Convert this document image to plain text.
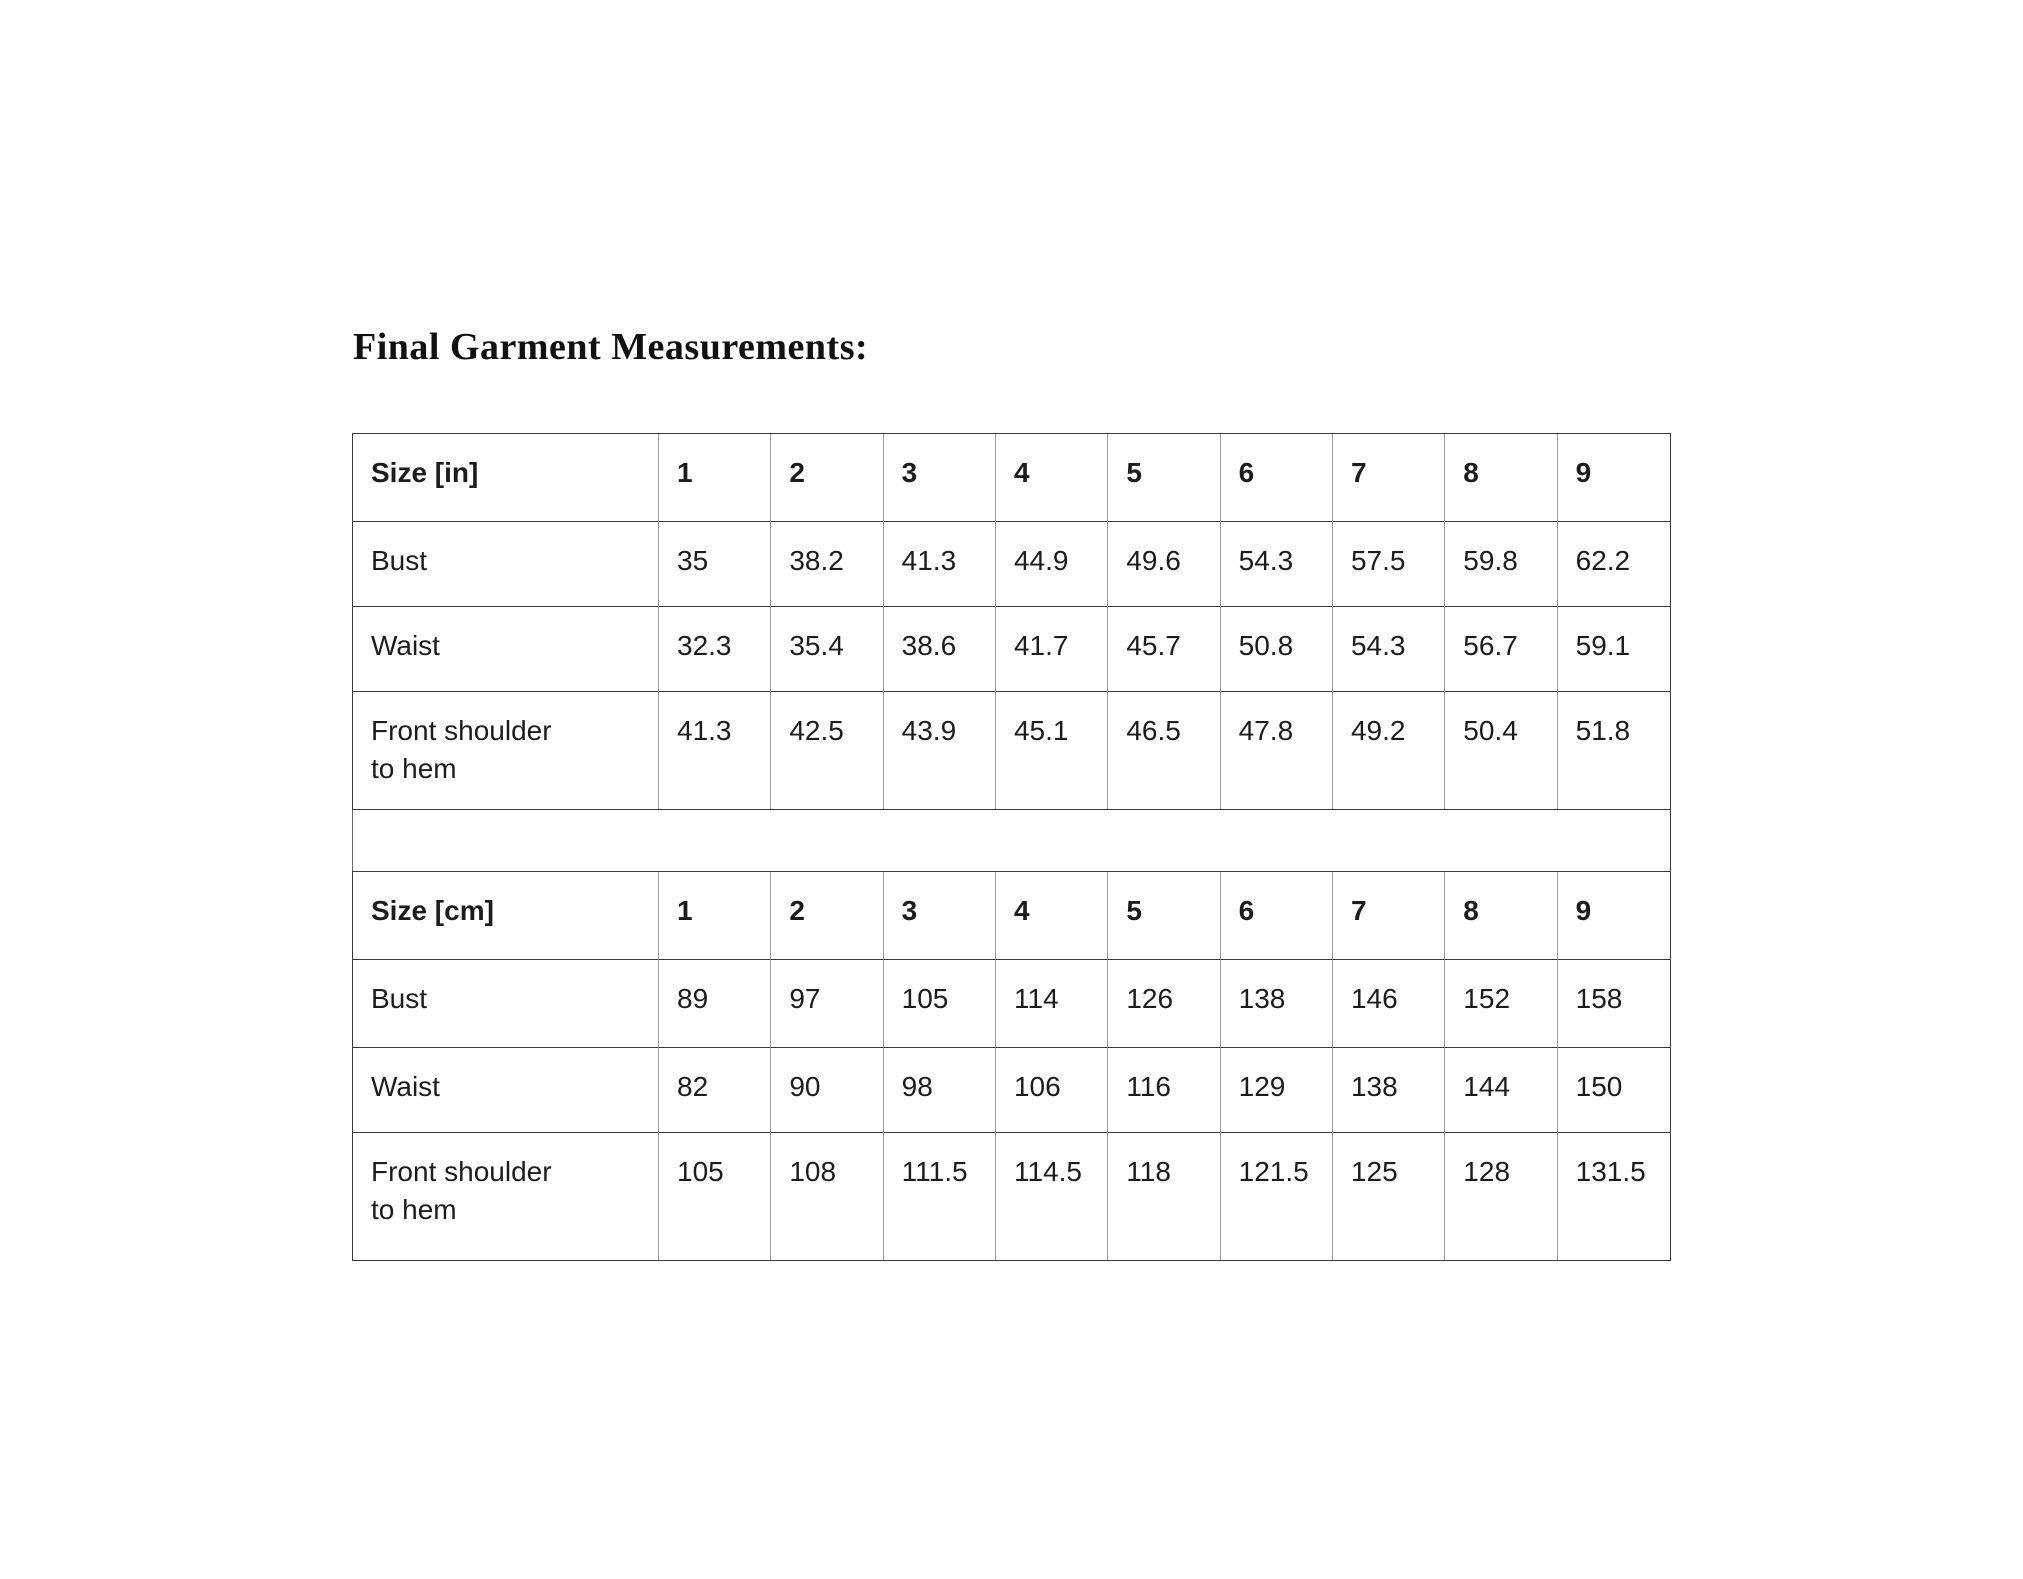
Final Garment Measurements:
Size [in]	1	2	3	4	5	6	7	8	9
Bust	35	38.2	41.3	44.9	49.6	54.3	57.5	59.8	62.2
Waist	32.3	35.4	38.6	41.7	45.7	50.8	54.3	56.7	59.1
Front shoulder to hem	41.3	42.5	43.9	45.1	46.5	47.8	49.2	50.4	51.8
Size [cm]	1	2	3	4	5	6	7	8	9
Bust	89	97	105	114	126	138	146	152	158
Waist	82	90	98	106	116	129	138	144	150
Front shoulder to hem	105	108	111.5	114.5	118	121.5	125	128	131.5
